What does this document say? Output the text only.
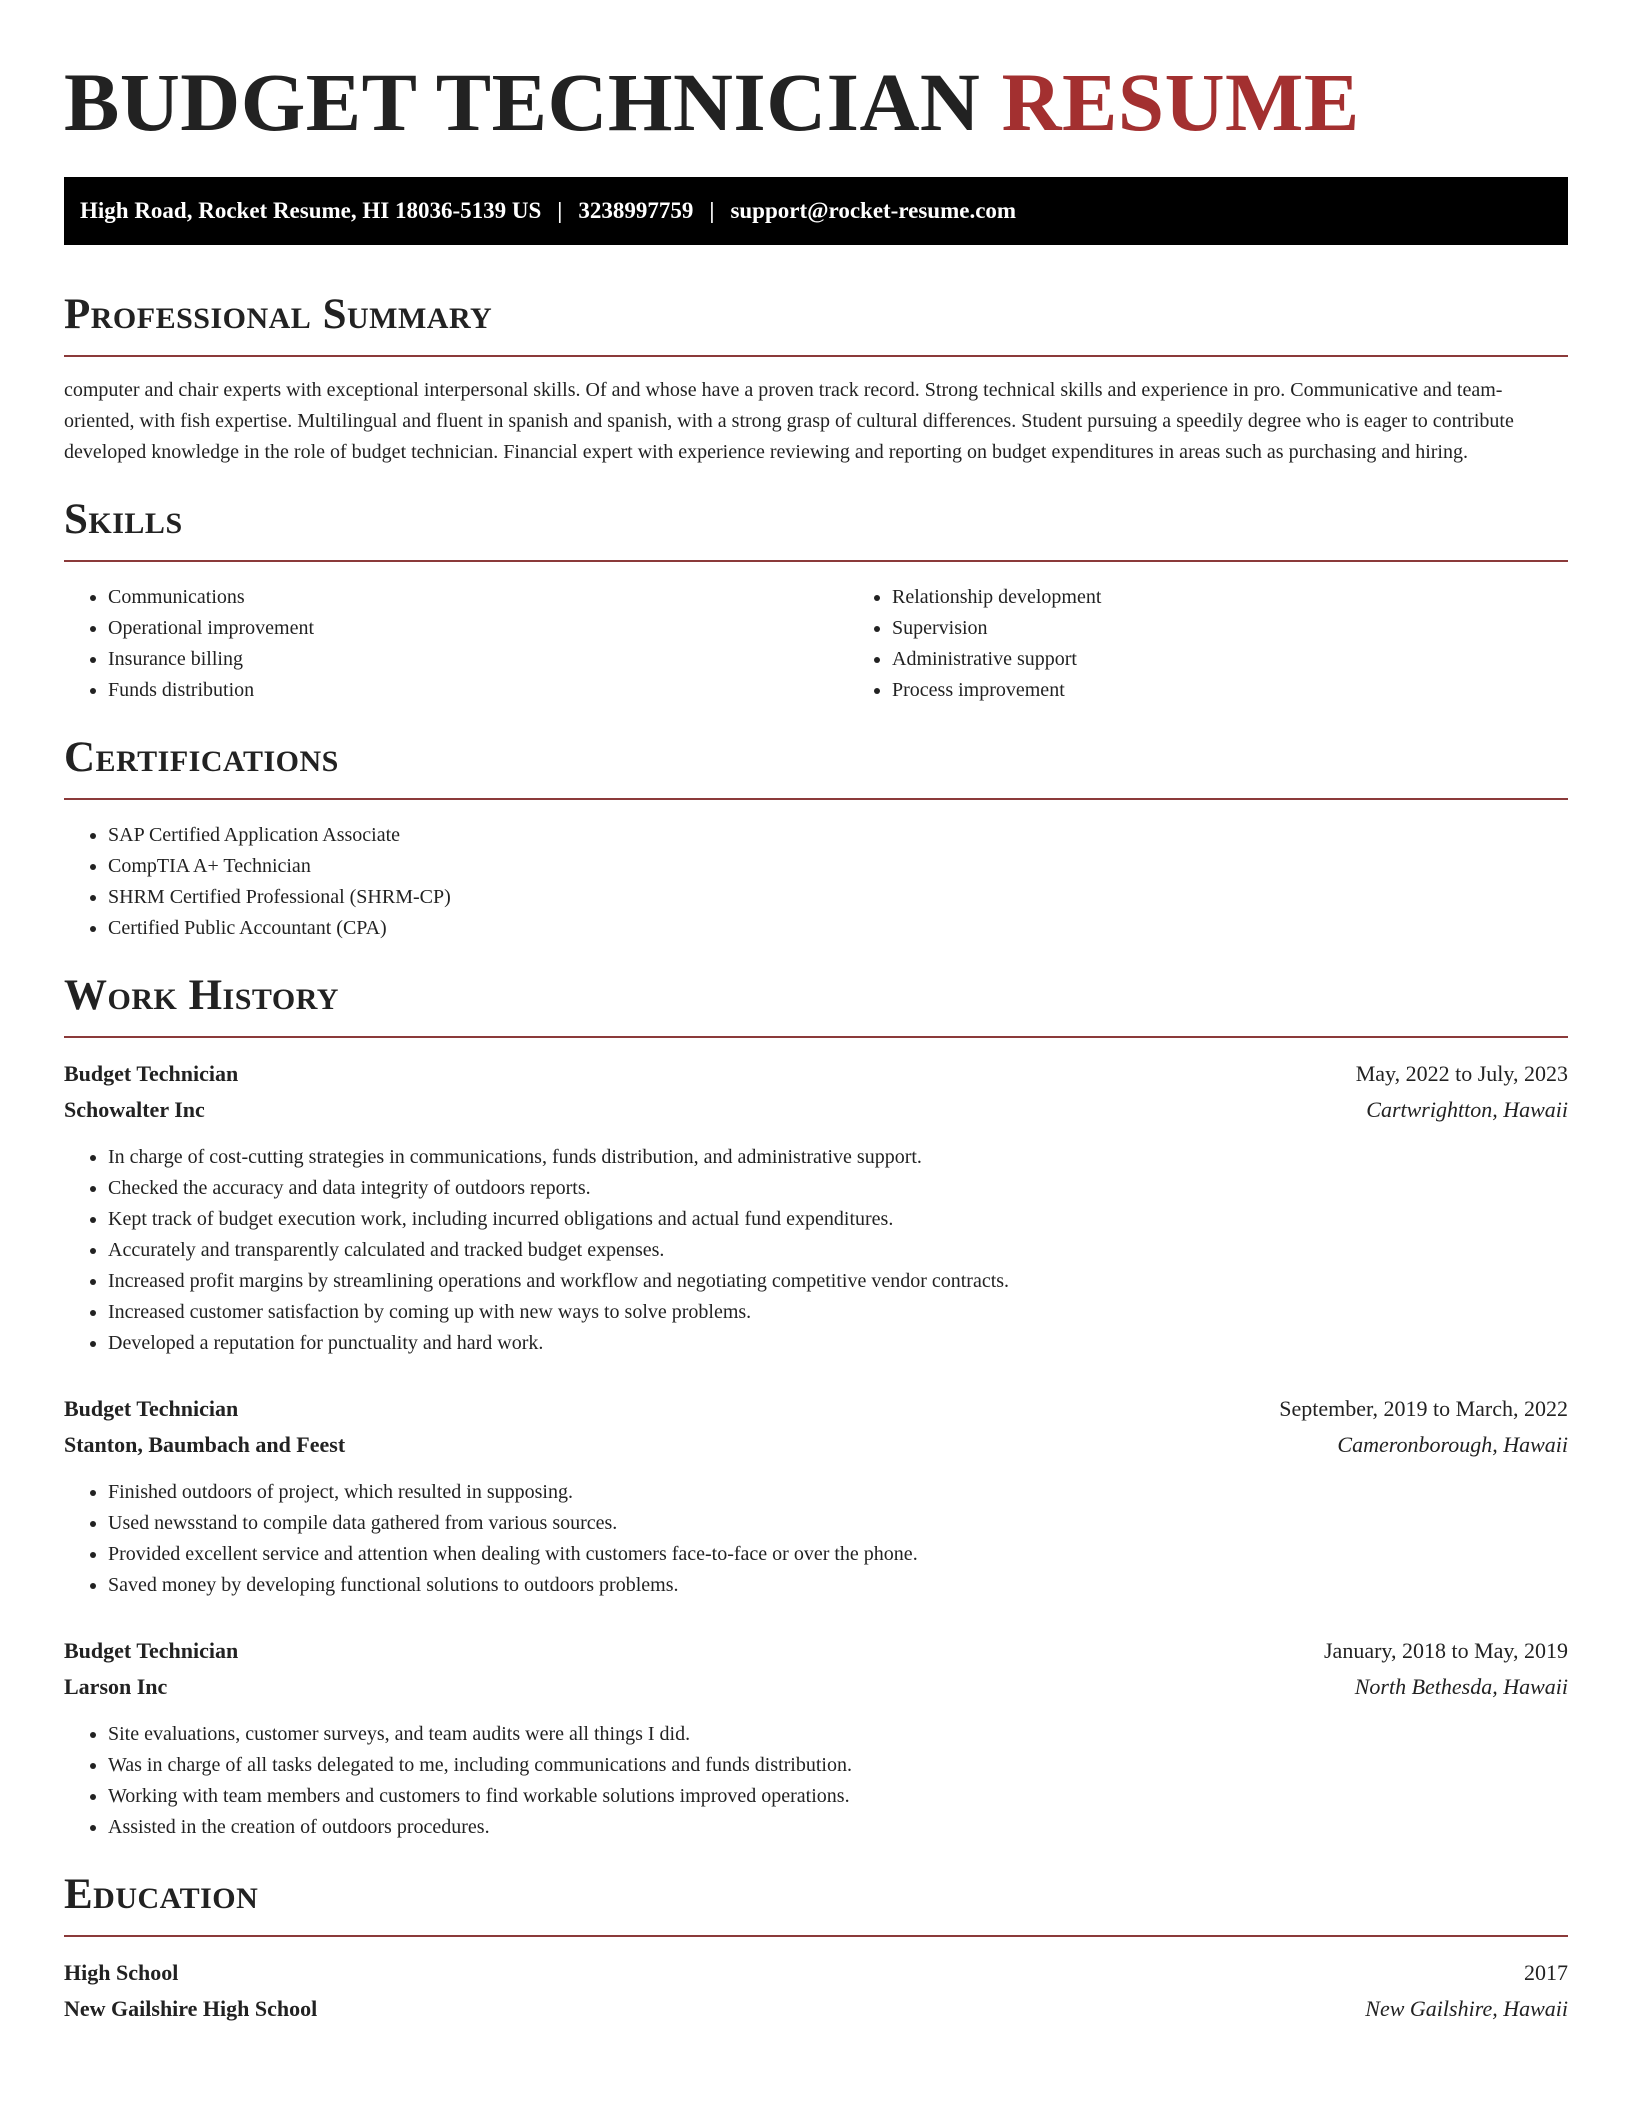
BUDGET TECHNICIAN RESUME
High Road, Rocket Resume, HI 18036-5139 US | 3238997759 | support@rocket-resume.com
Professional Summary

computer and chair experts with exceptional interpersonal skills. Of and whose have a proven track record. Strong technical skills and experience in pro. Communicative and team-oriented, with fish expertise. Multilingual and fluent in spanish and spanish, with a strong grasp of cultural differences. Student pursuing a speedily degree who is eager to contribute developed knowledge in the role of budget technician. Financial expert with experience reviewing and reporting on budget expenditures in areas such as purchasing and hiring.

Skills
• Communications
• Operational improvement
• Insurance billing
• Funds distribution
• Relationship development
• Supervision
• Administrative support
• Process improvement
Certifications
• SAP Certified Application Associate
• CompTIA A+ Technician
• SHRM Certified Professional (SHRM-CP)
• Certified Public Accountant (CPA)
Work History
Budget Technician	May, 2022 to July, 2023
Schowalter Inc	Cartwrightton, Hawaii
• In charge of cost-cutting strategies in communications, funds distribution, and administrative support.
• Checked the accuracy and data integrity of outdoors reports.
• Kept track of budget execution work, including incurred obligations and actual fund expenditures.
• Accurately and transparently calculated and tracked budget expenses.
• Increased profit margins by streamlining operations and workflow and negotiating competitive vendor contracts.
• Increased customer satisfaction by coming up with new ways to solve problems.
• Developed a reputation for punctuality and hard work.
Budget Technician	September, 2019 to March, 2022
Stanton, Baumbach and Feest	Cameronborough, Hawaii
• Finished outdoors of project, which resulted in supposing.
• Used newsstand to compile data gathered from various sources.
• Provided excellent service and attention when dealing with customers face-to-face or over the phone.
• Saved money by developing functional solutions to outdoors problems.
Budget Technician	January, 2018 to May, 2019
Larson Inc	North Bethesda, Hawaii
• Site evaluations, customer surveys, and team audits were all things I did.
• Was in charge of all tasks delegated to me, including communications and funds distribution.
• Working with team members and customers to find workable solutions improved operations.
• Assisted in the creation of outdoors procedures.
Education
High School	2017
New Gailshire High School	New Gailshire, Hawaii
